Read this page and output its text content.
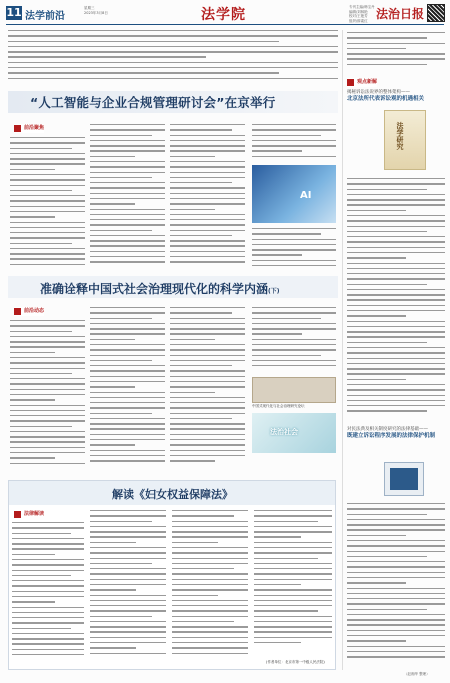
11 法学前沿
星期三
2023年3月8日	法学院	专刊主编/韩宝丹
编辑/刘林艳
校对/王艳芳
组织/薛素红 法治日报
“人工智能与企业合规管理研讨会”在京举行
前沿聚焦
AI
准确诠释中国式社会治理现代化的科学内涵(下)
前沿动态
中国式现代化与社会治理研究论坛
法治社会
解读《妇女权益保障法》
法律解读
(作者单位：北京市第一中级人民法院)
观点新解
揭秘诉讼法说界的整体架构——
北京法所代表诉讼观的机遇相关
法学研究
对民法典及相关制度研究的法律基础——
既建立诉讼程序发展的法律保护机制
（赵湘华 整理）
